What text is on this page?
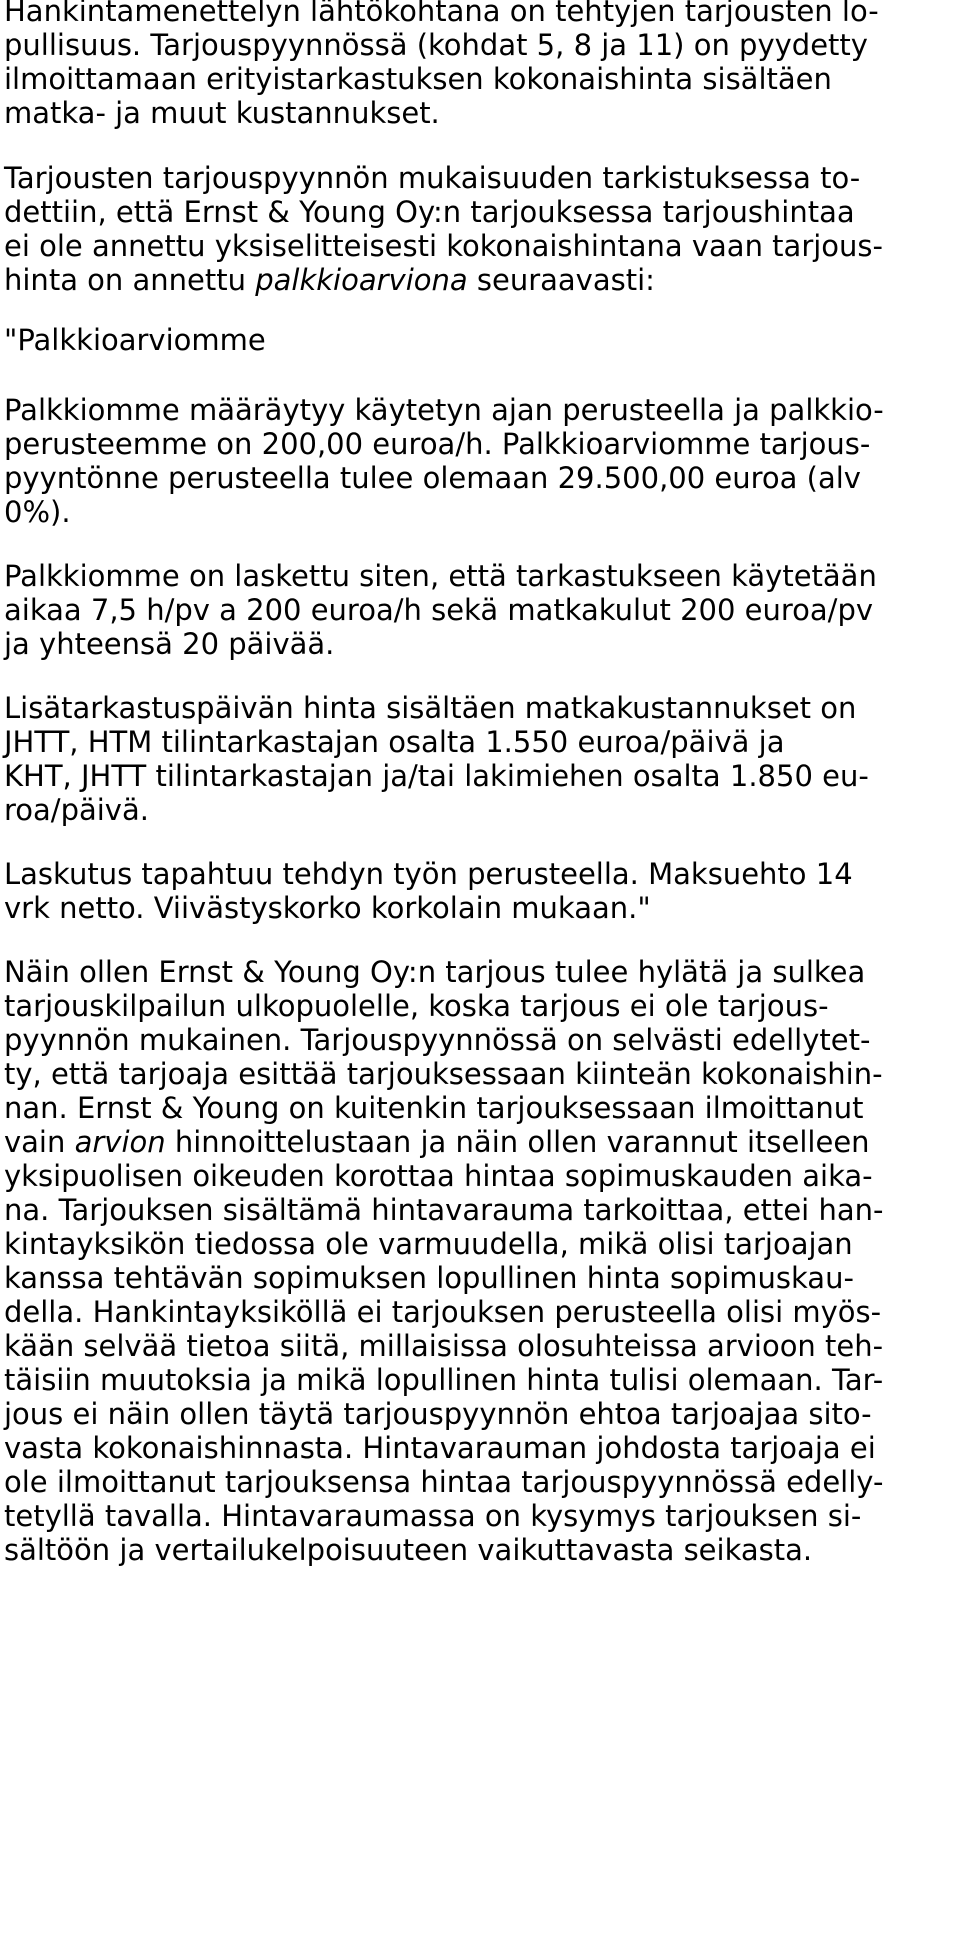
Hankintamenettelyn lähtökohtana on tehtyjen tarjousten lo-
pullisuus. Tarjouspyynnössä (kohdat 5, 8 ja 11) on pyydetty
ilmoittamaan erityistarkastuksen kokonaishinta sisältäen
matka- ja muut kustannukset.
Tarjousten tarjouspyynnön mukaisuuden tarkistuksessa to-
dettiin, että Ernst & Young Oy:n tarjouksessa tarjoushintaa
ei ole annettu yksiselitteisesti kokonaishintana vaan tarjous-
hinta on annettu palkkioarviona seuraavasti:
"Palkkioarviomme
Palkkiomme määräytyy käytetyn ajan perusteella ja palkkio-
perusteemme on 200,00 euroa/h. Palkkioarviomme tarjous-
pyyntönne perusteella tulee olemaan 29.500,00 euroa (alv
0%).
Palkkiomme on laskettu siten, että tarkastukseen käytetään
aikaa 7,5 h/pv a 200 euroa/h sekä matkakulut 200 euroa/pv
ja yhteensä 20 päivää.
Lisätarkastuspäivän hinta sisältäen matkakustannukset on
JHTT, HTM tilintarkastajan osalta 1.550 euroa/päivä ja
KHT, JHTT tilintarkastajan ja/tai lakimiehen osalta 1.850 eu-
roa/päivä.
Laskutus tapahtuu tehdyn työn perusteella. Maksuehto 14
vrk netto. Viivästyskorko korkolain mukaan."
Näin ollen Ernst & Young Oy:n tarjous tulee hylätä ja sulkea
tarjouskilpailun ulkopuolelle, koska tarjous ei ole tarjous-
pyynnön mukainen. Tarjouspyynnössä on selvästi edellytet-
ty, että tarjoaja esittää tarjouksessaan kiinteän kokonaishin-
nan. Ernst & Young on kuitenkin tarjouksessaan ilmoittanut
vain arvion hinnoittelustaan ja näin ollen varannut itselleen
yksipuolisen oikeuden korottaa hintaa sopimuskauden aika-
na. Tarjouksen sisältämä hintavarauma tarkoittaa, ettei han-
kintayksikön tiedossa ole varmuudella, mikä olisi tarjoajan
kanssa tehtävän sopimuksen lopullinen hinta sopimuskau-
della. Hankintayksiköllä ei tarjouksen perusteella olisi myös-
kään selvää tietoa siitä, millaisissa olosuhteissa arvioon teh-
täisiin muutoksia ja mikä lopullinen hinta tulisi olemaan. Tar-
jous ei näin ollen täytä tarjouspyynnön ehtoa tarjoajaa sito-
vasta kokonaishinnasta. Hintavarauman johdosta tarjoaja ei
ole ilmoittanut tarjouksensa hintaa tarjouspyynnössä edelly-
tetyllä tavalla. Hintavaraumassa on kysymys tarjouksen si-
sältöön ja vertailukelpoisuuteen vaikuttavasta seikasta.
